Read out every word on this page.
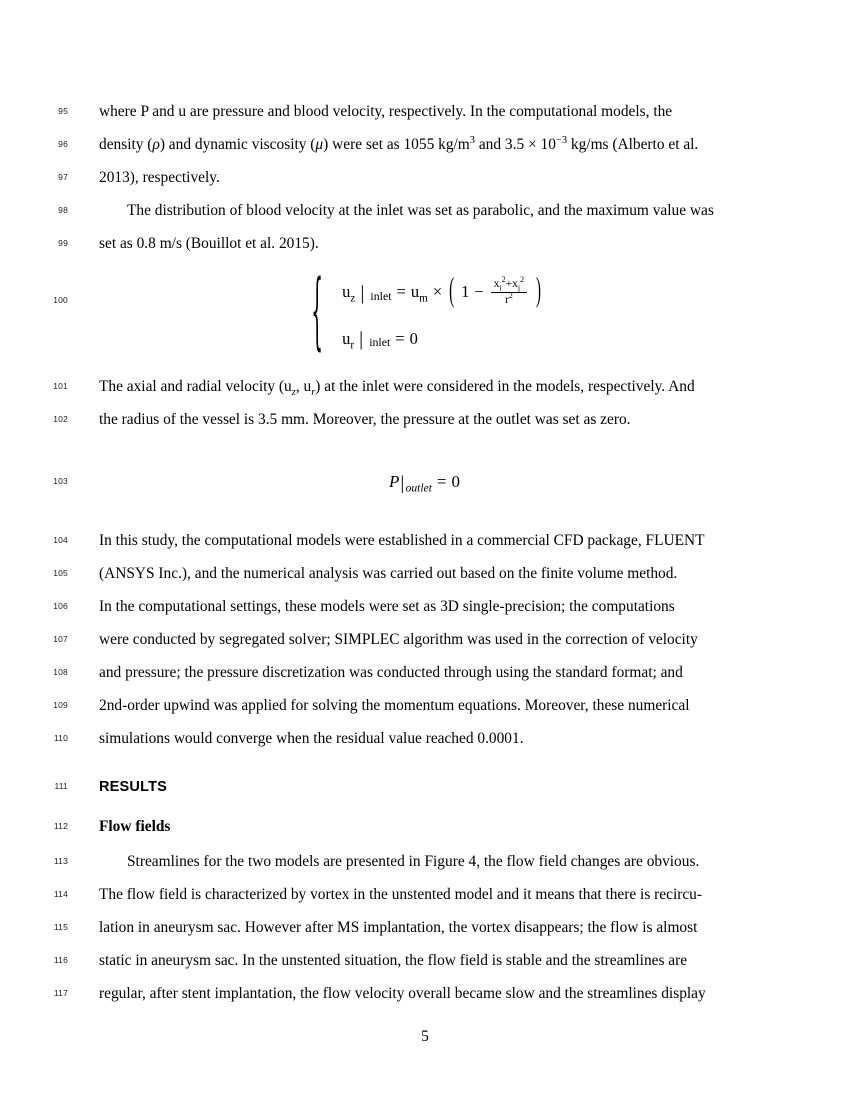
95 where P and u are pressure and blood velocity, respectively. In the computational models, the
96 density (ρ) and dynamic viscosity (μ) were set as 1055 $kg/m^3$ and $3.5 \times 10^{-3}$ kg/ms (Alberto et al.
97 2013), respectively.
98	The distribution of blood velocity at the inlet was set as parabolic, and the maximum value was
99 set as 0.8 m/s (Bouillot et al. 2015).
100	{	$u_z$ | inlet = $u_m$ × ( $1 - \frac{x_i^2+x_j^2}{r^2}$ )
$u_r$ | inlet = 0
101 The axial and radial velocity ($u_z$, $u_r$) at the inlet were considered in the models, respectively. And
102 the radius of the vessel is 3.5 mm. Moreover, the pressure at the outlet was set as zero.
103	$P|_{outlet} = 0$
104 In this study, the computational models were established in a commercial CFD package, FLUENT
105 (ANSYS Inc.), and the numerical analysis was carried out based on the finite volume method.
106 In the computational settings, these models were set as 3D single-precision; the computations
107 were conducted by segregated solver; SIMPLEC algorithm was used in the correction of velocity
108 and pressure; the pressure discretization was conducted through using the standard format; and
109 2nd-order upwind was applied for solving the momentum equations. Moreover, these numerical
110 simulations would converge when the residual value reached 0.0001.
111 RESULTS
112 Flow fields
113	Streamlines for the two models are presented in Figure 4, the flow field changes are obvious.
114 The flow field is characterized by vortex in the unstented model and it means that there is recircu-
115 lation in aneurysm sac. However after MS implantation, the vortex disappears; the flow is almost
116 static in aneurysm sac. In the unstented situation, the flow field is stable and the streamlines are
117 regular, after stent implantation, the flow velocity overall became slow and the streamlines display
5
